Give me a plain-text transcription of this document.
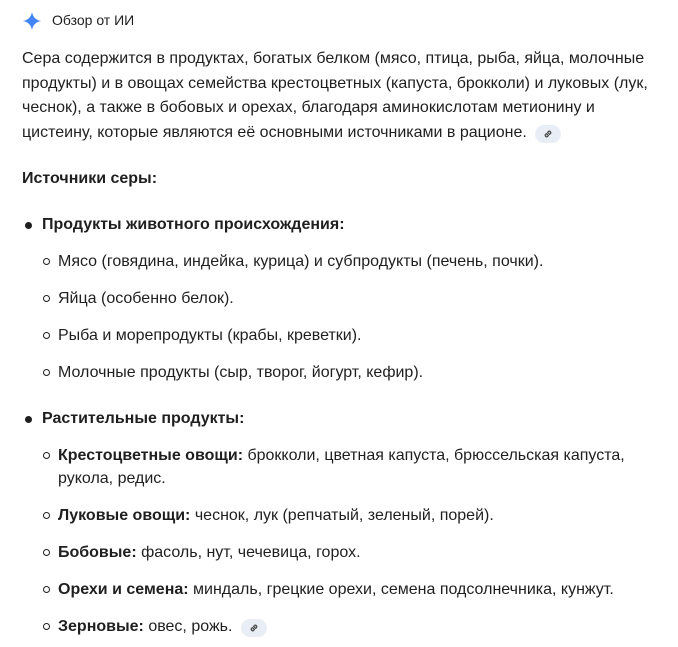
Обзор от ИИ
Сера содержится в продуктах, богатых белком (мясо, птица, рыба, яйца, молочные продукты) и в овощах семейства крестоцветных (капуста, брокколи) и луковых (лук, чеснок), а также в бобовых и орехах, благодаря аминокислотам метионину и цистеину, которые являются её основными источниками в рационе.
Источники серы:
Продукты животного происхождения:
Мясо (говядина, индейка, курица) и субпродукты (печень, почки).
Яйца (особенно белок).
Рыба и морепродукты (крабы, креветки).
Молочные продукты (сыр, творог, йогурт, кефир).
Растительные продукты:
Крестоцветные овощи: брокколи, цветная капуста, брюссельская капуста, рукола, редис.
Луковые овощи: чеснок, лук (репчатый, зеленый, порей).
Бобовые: фасоль, нут, чечевица, горох.
Орехи и семена: миндаль, грецкие орехи, семена подсолнечника, кунжут.
Зерновые: овес, рожь.
